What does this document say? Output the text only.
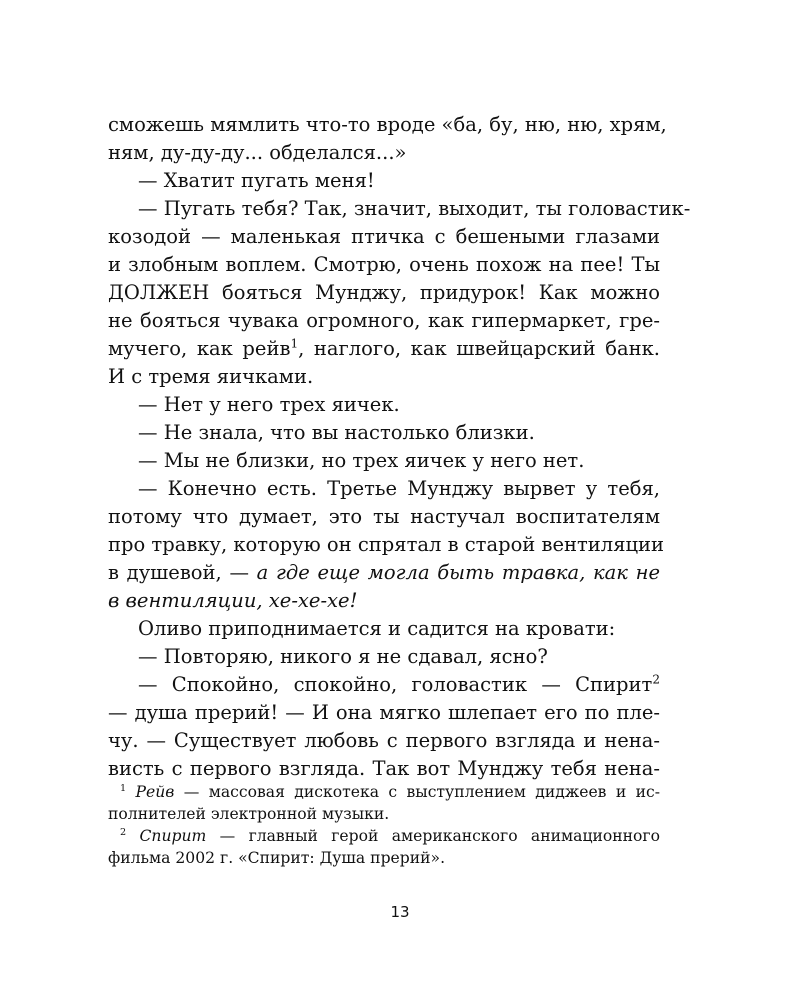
сможешь мямлить что-то вроде «ба, бу, ню, ню, хрям,
ням, ду-ду-ду... обделался...»
— Хватит пугать меня!
— Пугать тебя? Так, значит, выходит, ты головастик-
козодой — маленькая птичка с бешеными глазами
и злобным воплем. Смотрю, очень похож на пее! Ты
ДОЛЖЕН бояться Мунджу, придурок! Как можно
не бояться чувака огромного, как гипермаркет, гре-
мучего, как рейв$^1$, наглого, как швейцарский банк.
И с тремя яичками.
— Нет у него трех яичек.
— Не знала, что вы настолько близки.
— Мы не близки, но трех яичек у него нет.
— Конечно есть. Третье Мунджу вырвет у тебя,
потому что думает, это ты настучал воспитателям
про травку, которую он спрятал в старой вентиляции
в душевой, — а где еще могла быть травка, как не
в вентиляции, хе-хе-хе!
Оливо приподнимается и садится на кровати:
— Повторяю, никого я не сдавал, ясно?
— Спокойно, спокойно, головастик — Спирит$^2$
— душа прерий! — И она мягко шлепает его по пле-
чу. — Существует любовь с первого взгляда и нена-
висть с первого взгляда. Так вот Мунджу тебя нена-
$^1$ Рейв — массовая дискотека с выступлением диджеев и ис-
полнителей электронной музыки.
$^2$ Спирит — главный герой американского анимационного
фильма 2002 г. «Спирит: Душа прерий».
13
